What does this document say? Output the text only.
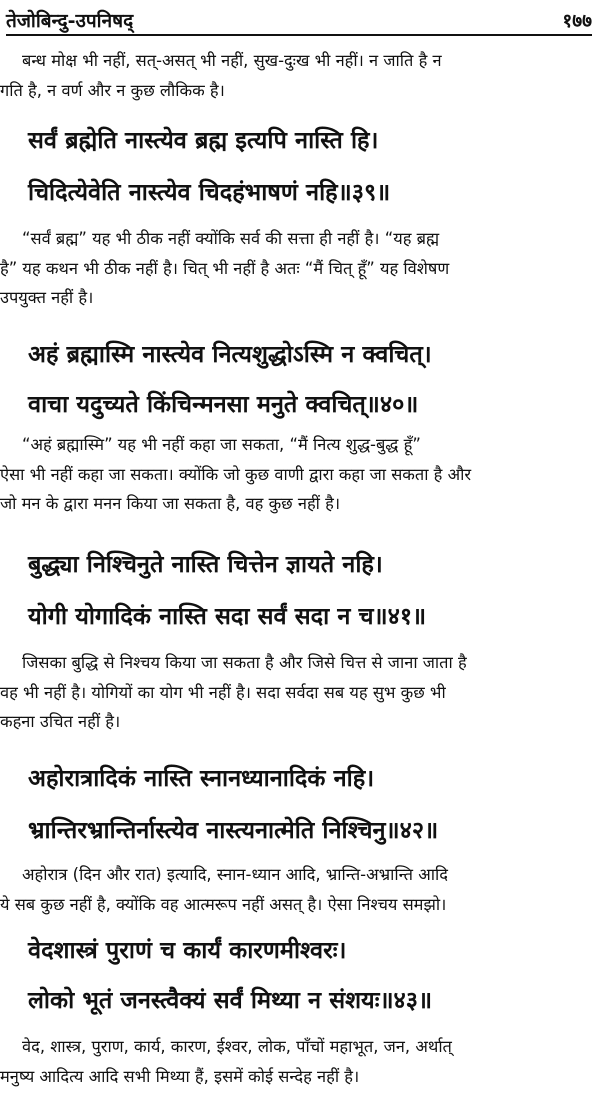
तेजोबिन्दु-उपनिषद्	१७७
बन्ध मोक्ष भी नहीं, सत्-असत् भी नहीं, सुख-दुःख भी नहीं। न जाति है न
गति है, न वर्ण और न कुछ लौकिक है।
सर्वं ब्रह्मेति नास्त्येव ब्रह्म इत्यपि नास्ति हि।
चिदित्येवेति नास्त्येव चिदहंभाषणं नहि॥३९॥
“सर्वं ब्रह्म” यह भी ठीक नहीं क्योंकि सर्व की सत्ता ही नहीं है। “यह ब्रह्म
है” यह कथन भी ठीक नहीं है। चित् भी नहीं है अतः “मैं चित् हूँ” यह विशेषण
उपयुक्त नहीं है।
अहं ब्रह्मास्मि नास्त्येव नित्यशुद्धोऽस्मि न क्वचित्।
वाचा यदुच्यते किंचिन्मनसा मनुते क्वचित्॥४०॥
“अहं ब्रह्मास्मि” यह भी नहीं कहा जा सकता, “मैं नित्य शुद्ध-बुद्ध हूँ”
ऐसा भी नहीं कहा जा सकता। क्योंकि जो कुछ वाणी द्वारा कहा जा सकता है और
जो मन के द्वारा मनन किया जा सकता है, वह कुछ नहीं है।
बुद्ध्या निश्चिनुते नास्ति चित्तेन ज्ञायते नहि।
योगी योगादिकं नास्ति सदा सर्वं सदा न च॥४१॥
जिसका बुद्धि से निश्चय किया जा सकता है और जिसे चित्त से जाना जाता है
वह भी नहीं है। योगियों का योग भी नहीं है। सदा सर्वदा सब यह सुभ कुछ भी
कहना उचित नहीं है।
अहोरात्रादिकं नास्ति स्नानध्यानादिकं नहि।
भ्रान्तिरभ्रान्तिर्नास्त्येव नास्त्यनात्मेति निश्चिनु॥४२॥
अहोरात्र (दिन और रात) इत्यादि, स्नान-ध्यान आदि, भ्रान्ति-अभ्रान्ति आदि
ये सब कुछ नहीं है, क्योंकि वह आत्मरूप नहीं असत् है। ऐसा निश्चय समझो।
वेदशास्त्रं पुराणं च कार्यं कारणमीश्वरः।
लोको भूतं जनस्त्वैक्यं सर्वं मिथ्या न संशयः॥४३॥
वेद, शास्त्र, पुराण, कार्य, कारण, ईश्वर, लोक, पाँचों महाभूत, जन, अर्थात्
मनुष्य आदित्य आदि सभी मिथ्या हैं, इसमें कोई सन्देह नहीं है।
